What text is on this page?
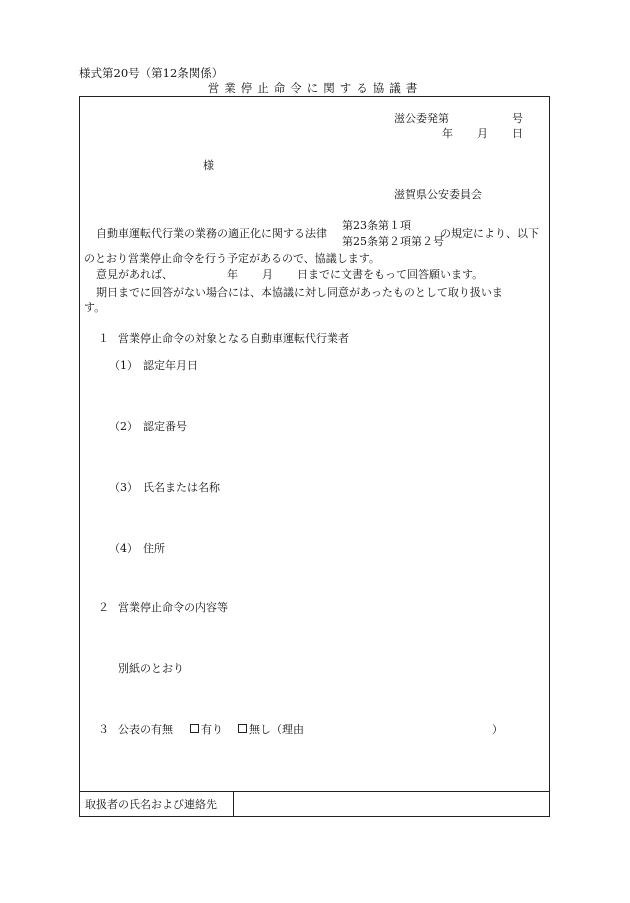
様式第20号（第12条関係）
営業停止命令に関する協議書
滋公委発第	号
年 月 日
様
滋賀県公安委員会
自動車運転代行業の業務の適正化に関する法律
第23条第１項
第25条第２項第２号
の規定により、以下
のとおり営業停止命令を行う予定があるので、協議します。
意見があれば、	年 月 日までに文書をもって回答願います。
期日までに回答がない場合には、本協議に対し同意があったものとして取り扱いま
す。
１ 営業停止命令の対象となる自動車運転代行業者
（1） 認定年月日
（2） 認定番号
（3） 氏名または名称
（4） 住所
２ 営業停止命令の内容等
別紙のとおり
３ 公表の有無	有り 無し（理由	）
取扱者の氏名および連絡先
